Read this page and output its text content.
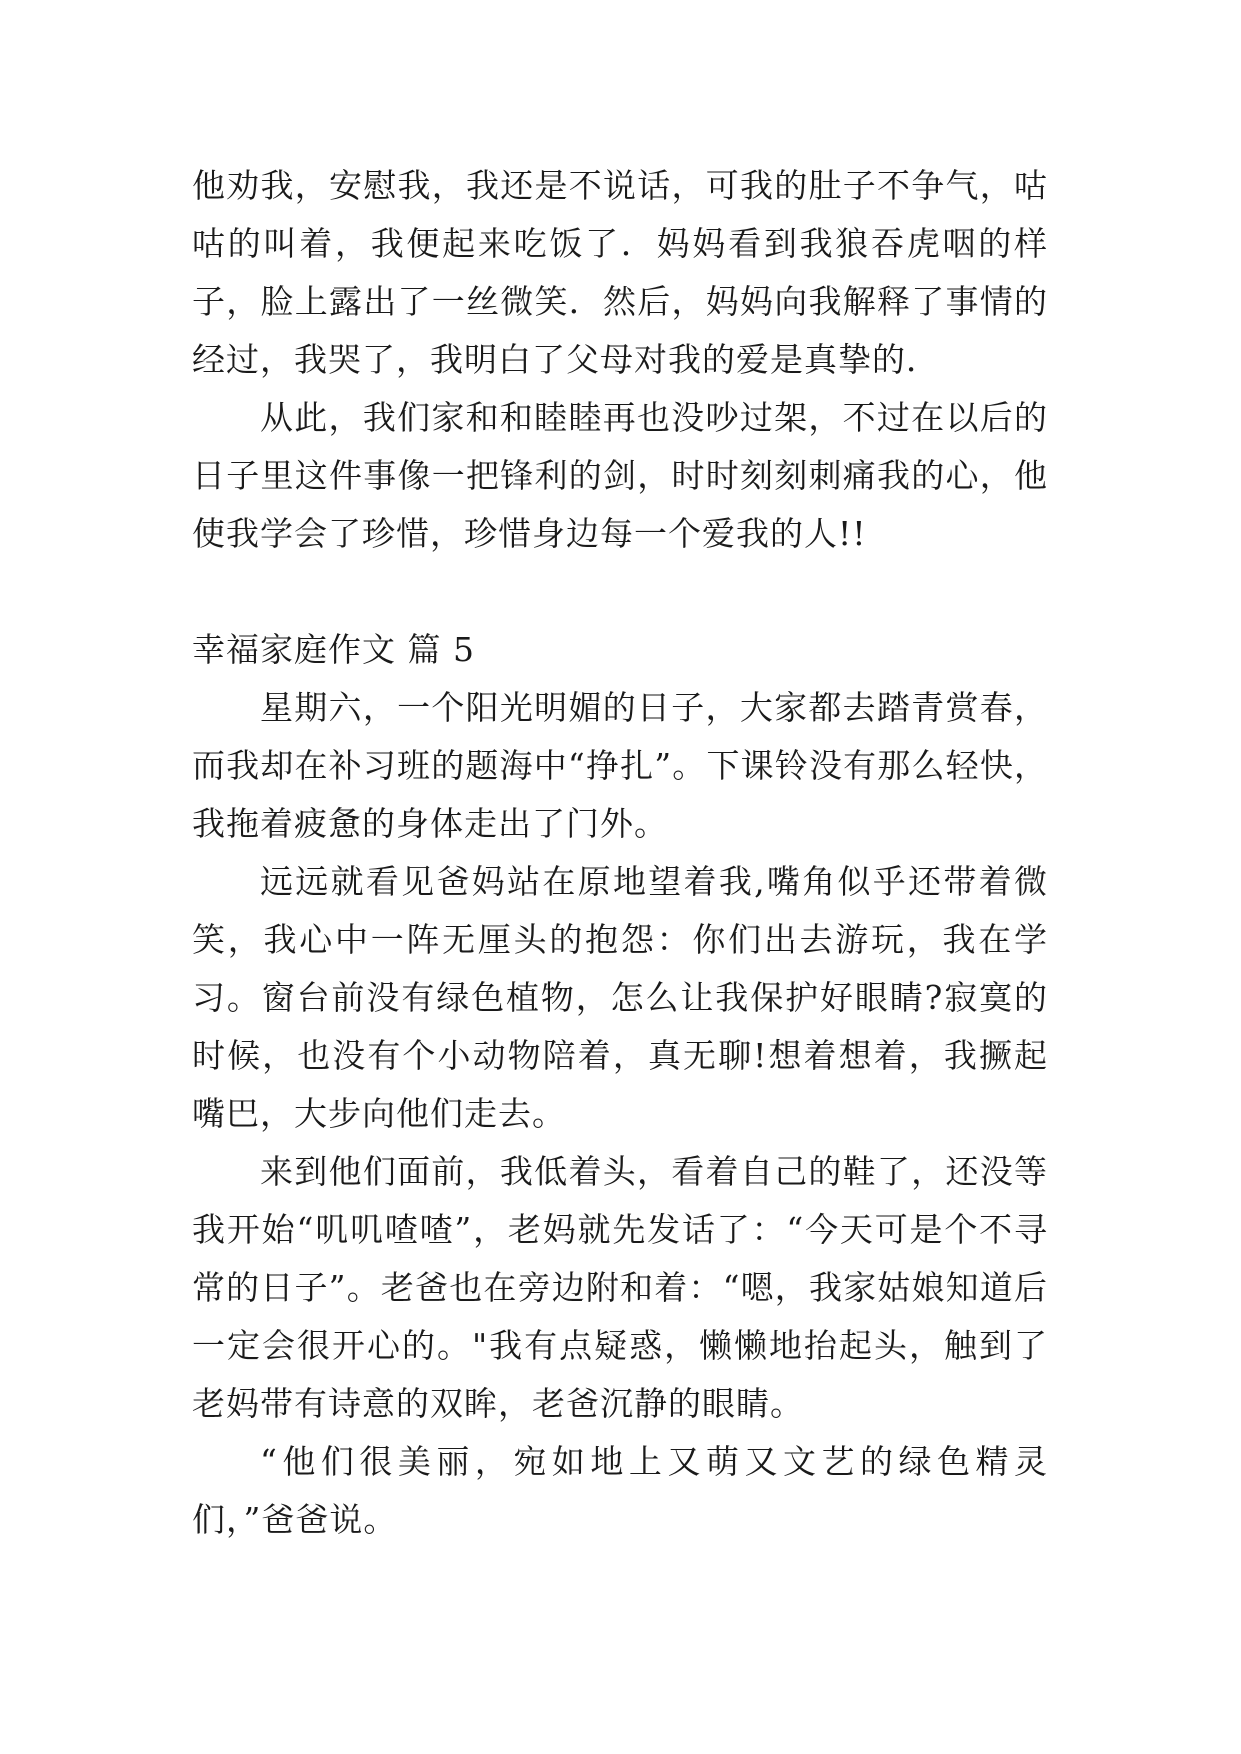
他劝我，安慰我，我还是不说话，可我的肚子不争气，咕咕的叫着，我便起来吃饭了．妈妈看到我狼吞虎咽的样子，脸上露出了一丝微笑．然后，妈妈向我解释了事情的经过，我哭了，我明白了父母对我的爱是真挚的．

从此，我们家和和睦睦再也没吵过架，不过在以后的日子里这件事像一把锋利的剑，时时刻刻刺痛我的心，他使我学会了珍惜，珍惜身边每一个爱我的人!!

幸福家庭作文 篇 5

星期六，一个阳光明媚的日子，大家都去踏青赏春，而我却在补习班的题海中“挣扎”。下课铃没有那么轻快，我拖着疲惫的身体走出了门外。

远远就看见爸妈站在原地望着我,嘴角似乎还带着微笑，我心中一阵无厘头的抱怨：你们出去游玩，我在学习。窗台前没有绿色植物，怎么让我保护好眼睛?寂寞的时候，也没有个小动物陪着，真无聊!想着想着，我撅起嘴巴，大步向他们走去。

来到他们面前，我低着头，看着自己的鞋了，还没等我开始“叽叽喳喳”，老妈就先发话了：“今天可是个不寻常的日子”。老爸也在旁边附和着：“嗯，我家姑娘知道后一定会很开心的。"我有点疑惑，懒懒地抬起头，触到了老妈带有诗意的双眸，老爸沉静的眼睛。

“他们很美丽，宛如地上又萌又文艺的绿色精灵们，”爸爸说。
